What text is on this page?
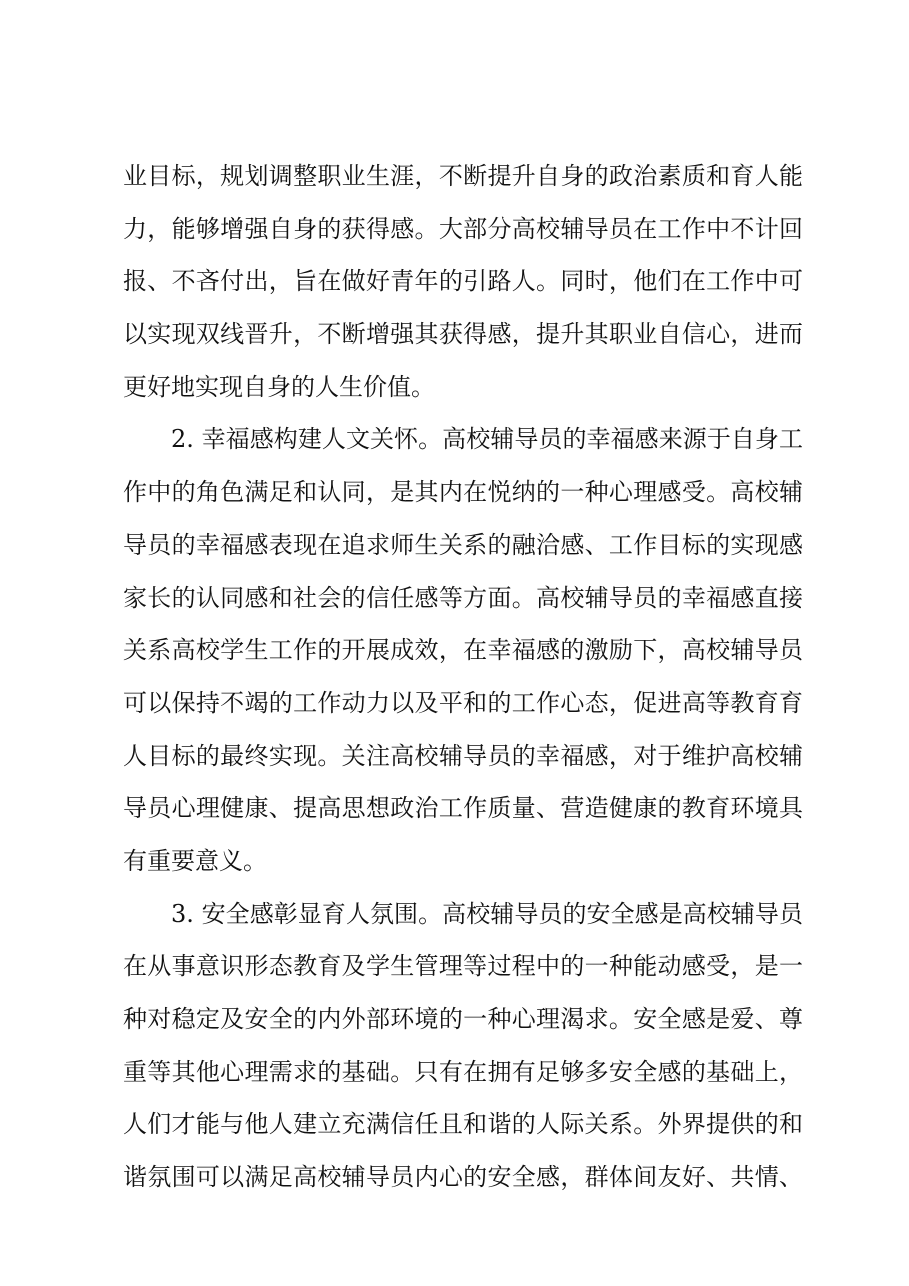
业目标，规划调整职业生涯，不断提升自身的政治素质和育人能
力，能够增强自身的获得感。大部分高校辅导员在工作中不计回
报、不吝付出，旨在做好青年的引路人。同时，他们在工作中可
以实现双线晋升，不断增强其获得感，提升其职业自信心，进而
更好地实现自身的人生价值。
2. 幸福感构建人文关怀。高校辅导员的幸福感来源于自身工
作中的角色满足和认同，是其内在悦纳的一种心理感受。高校辅
导员的幸福感表现在追求师生关系的融洽感、工作目标的实现感
家长的认同感和社会的信任感等方面。高校辅导员的幸福感直接
关系高校学生工作的开展成效，在幸福感的激励下，高校辅导员
可以保持不竭的工作动力以及平和的工作心态，促进高等教育育
人目标的最终实现。关注高校辅导员的幸福感，对于维护高校辅
导员心理健康、提高思想政治工作质量、营造健康的教育环境具
有重要意义。
3. 安全感彰显育人氛围。高校辅导员的安全感是高校辅导员
在从事意识形态教育及学生管理等过程中的一种能动感受，是一
种对稳定及安全的内外部环境的一种心理渴求。安全感是爱、尊
重等其他心理需求的基础。只有在拥有足够多安全感的基础上，
人们才能与他人建立充满信任且和谐的人际关系。外界提供的和
谐氛围可以满足高校辅导员内心的安全感，群体间友好、共情、
